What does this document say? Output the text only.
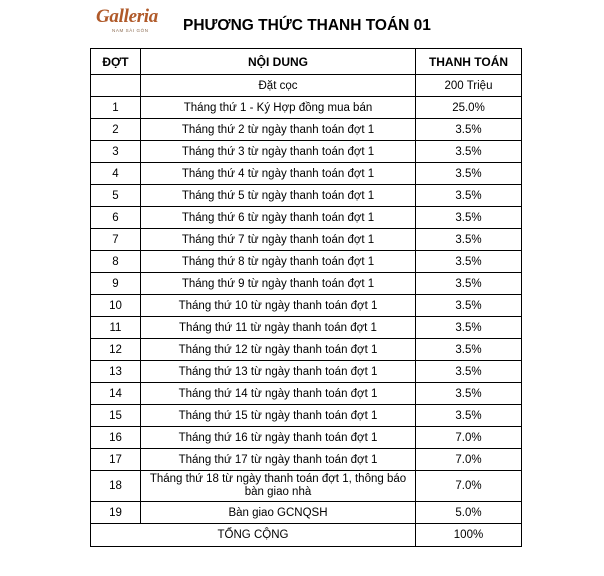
Galleria
NAM SÀI GÒN PHƯƠNG THỨC THANH TOÁN 01
ĐỢT	NỘI DUNG	THANH TOÁN
	Đặt cọc	200 Triệu
1	Tháng thứ 1 - Ký Hợp đồng mua bán	25.0%
2	Tháng thứ 2 từ ngày thanh toán đợt 1	3.5%
3	Tháng thứ 3 từ ngày thanh toán đợt 1	3.5%
4	Tháng thứ 4 từ ngày thanh toán đợt 1	3.5%
5	Tháng thứ 5 từ ngày thanh toán đợt 1	3.5%
6	Tháng thứ 6 từ ngày thanh toán đợt 1	3.5%
7	Tháng thứ 7 từ ngày thanh toán đợt 1	3.5%
8	Tháng thứ 8 từ ngày thanh toán đợt 1	3.5%
9	Tháng thứ 9 từ ngày thanh toán đợt 1	3.5%
10	Tháng thứ 10 từ ngày thanh toán đợt 1	3.5%
11	Tháng thứ 11 từ ngày thanh toán đợt 1	3.5%
12	Tháng thứ 12 từ ngày thanh toán đợt 1	3.5%
13	Tháng thứ 13 từ ngày thanh toán đợt 1	3.5%
14	Tháng thứ 14 từ ngày thanh toán đợt 1	3.5%
15	Tháng thứ 15 từ ngày thanh toán đợt 1	3.5%
16	Tháng thứ 16 từ ngày thanh toán đợt 1	7.0%
17	Tháng thứ 17 từ ngày thanh toán đợt 1	7.0%
18	Tháng thứ 18 từ ngày thanh toán đợt 1, thông báo bàn giao nhà	7.0%
19	Bàn giao GCNQSH	5.0%
TỔNG CỘNG		100%
